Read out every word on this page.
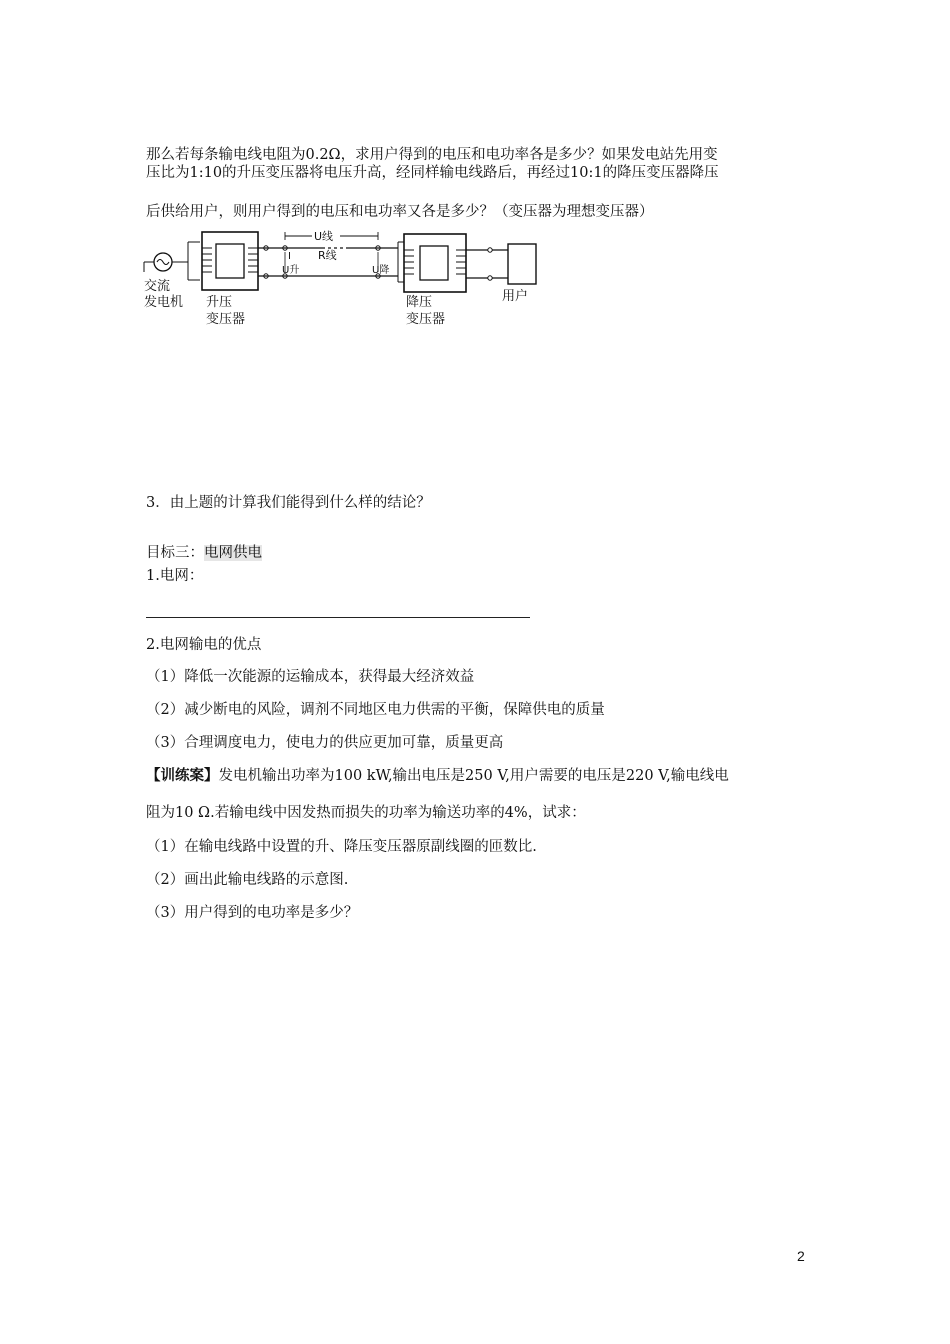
那么若每条输电线电阻为0.2Ω，求用户得到的电压和电功率各是多少？如果发电站先用变
压比为1:10的升压变压器将电压升高，经同样输电线路后，再经过10:1的降压变压器降压
后供给用户，则用户得到的电压和电功率又各是多少？（变压器为理想变压器）
U线
R线
I
U升	U降
交流
发电机 升压
变压器
降压
变压器
用户
3．由上题的计算我们能得到什么样的结论？
目标三：电网供电
1.电网：
2.电网输电的优点
（1）降低一次能源的运输成本，获得最大经济效益
（2）减少断电的风险，调剂不同地区电力供需的平衡，保障供电的质量
（3）合理调度电力，使电力的供应更加可靠，质量更高
【训练案】发电机输出功率为100 kW,输出电压是250 V,用户需要的电压是220 V,输电线电
阻为10 Ω.若输电线中因发热而损失的功率为输送功率的4%，试求：
（1）在输电线路中设置的升、降压变压器原副线圈的匝数比.
（2）画出此输电线路的示意图.
（3）用户得到的电功率是多少？
2
